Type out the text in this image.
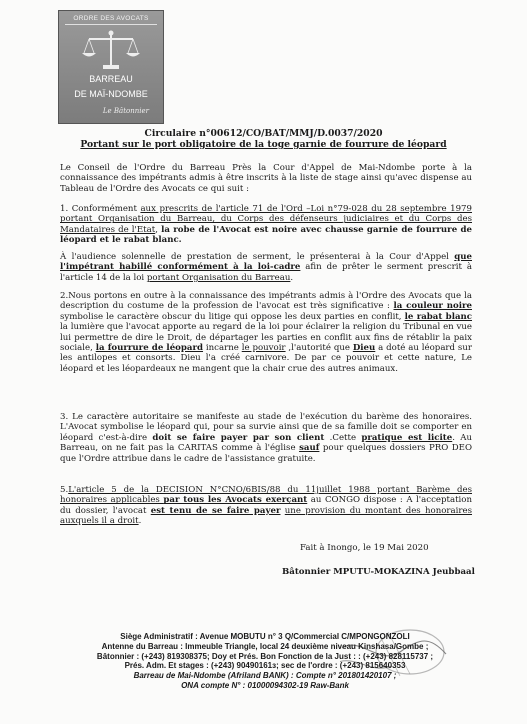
ORDRE DES AVOCATS
BARREAU
DE MAÏ-NDOMBE
Le Bâtonnier
Circulaire n°00612/CO/BAT/MMJ/D.0037/2020
Portant sur le port obligatoire de la toge garnie de fourrure de léopard
Le Conseil de l'Ordre du Barreau Près la Cour d'Appel de Mai-Ndombe porte à la connaissance des impétrants admis à être inscrits à la liste de stage ainsi qu'avec dispense au Tableau de l'Ordre des Avocats ce qui suit :
1. Conformément aux prescrits de l'article 71 de l'Ord –Loi n°79-028 du 28 septembre 1979 portant Organisation du Barreau, du Corps des défenseurs judiciaires et du Corps des Mandataires de l'Etat, la robe de l'Avocat est noire avec chausse garnie de fourrure de léopard et le rabat blanc.
À l'audience solennelle de prestation de serment, le présenterai à la Cour d'Appel que l'impétrant habillé conformément à la loi-cadre afin de prêter le serment prescrit à l'article 14 de la loi portant Organisation du Barreau.
2.Nous portons en outre à la connaissance des impétrants admis à l'Ordre des Avocats que la description du costume de la profession de l'avocat est très significative : la couleur noire symbolise le caractère obscur du litige qui oppose les deux parties en conflit, le rabat blanc la lumière que l'avocat apporte au regard de la loi pour éclairer la religion du Tribunal en vue lui permettre de dire le Droit, de départager les parties en conflit aux fins de rétablir la paix sociale, la fourrure de léopard incarne le pouvoir ,l'autorité que Dieu a doté au léopard sur les antilopes et consorts. Dieu l'a créé carnivore. De par ce pouvoir et cette nature, Le léopard et les léopardeaux ne mangent que la chair crue des autres animaux.
3. Le caractère autoritaire se manifeste au stade de l'exécution du barème des honoraires. L'Avocat symbolise le léopard qui, pour sa survie ainsi que de sa famille doit se comporter en léopard c'est-à-dire doit se faire payer par son client .Cette pratique est licite. Au Barreau, on ne fait pas la CARITAS comme à l'église sauf pour quelques dossiers PRO DEO que l'Ordre attribue dans le cadre de l'assistance gratuite.
5.L'article 5 de la DECISION N°CNO/6BIS/88 du 11juillet 1988 portant Barème des honoraires applicables par tous les Avocats exerçant au CONGO dispose : A l'acceptation du dossier, l'avocat est tenu de se faire payer une provision du montant des honoraires auxquels il a droit.
Fait à Inongo, le 19 Mai 2020
Bâtonnier MPUTU-MOKAZINA Jeubbaal
Siège Administratif : Avenue MOBUTU n° 3 Q/Commercial C/MPONGONZOLI
Antenne du Barreau : Immeuble Triangle, local 24 deuxième niveau Kinshasa/Gombe ;
Bâtonnier : (+243) 819308375; Doy et Prés. Bon Fonction de la Just : : (+243) 828115737 ;
Prés. Adm. Et stages : (+243) 90490161з; sec de l'ordre : (+243) 815640353
Barreau de Mai-Ndombe (Afriland BANK) : Compte n° 201801420107 ;
ONA compte N° : 01000094302-19 Raw-Bank
